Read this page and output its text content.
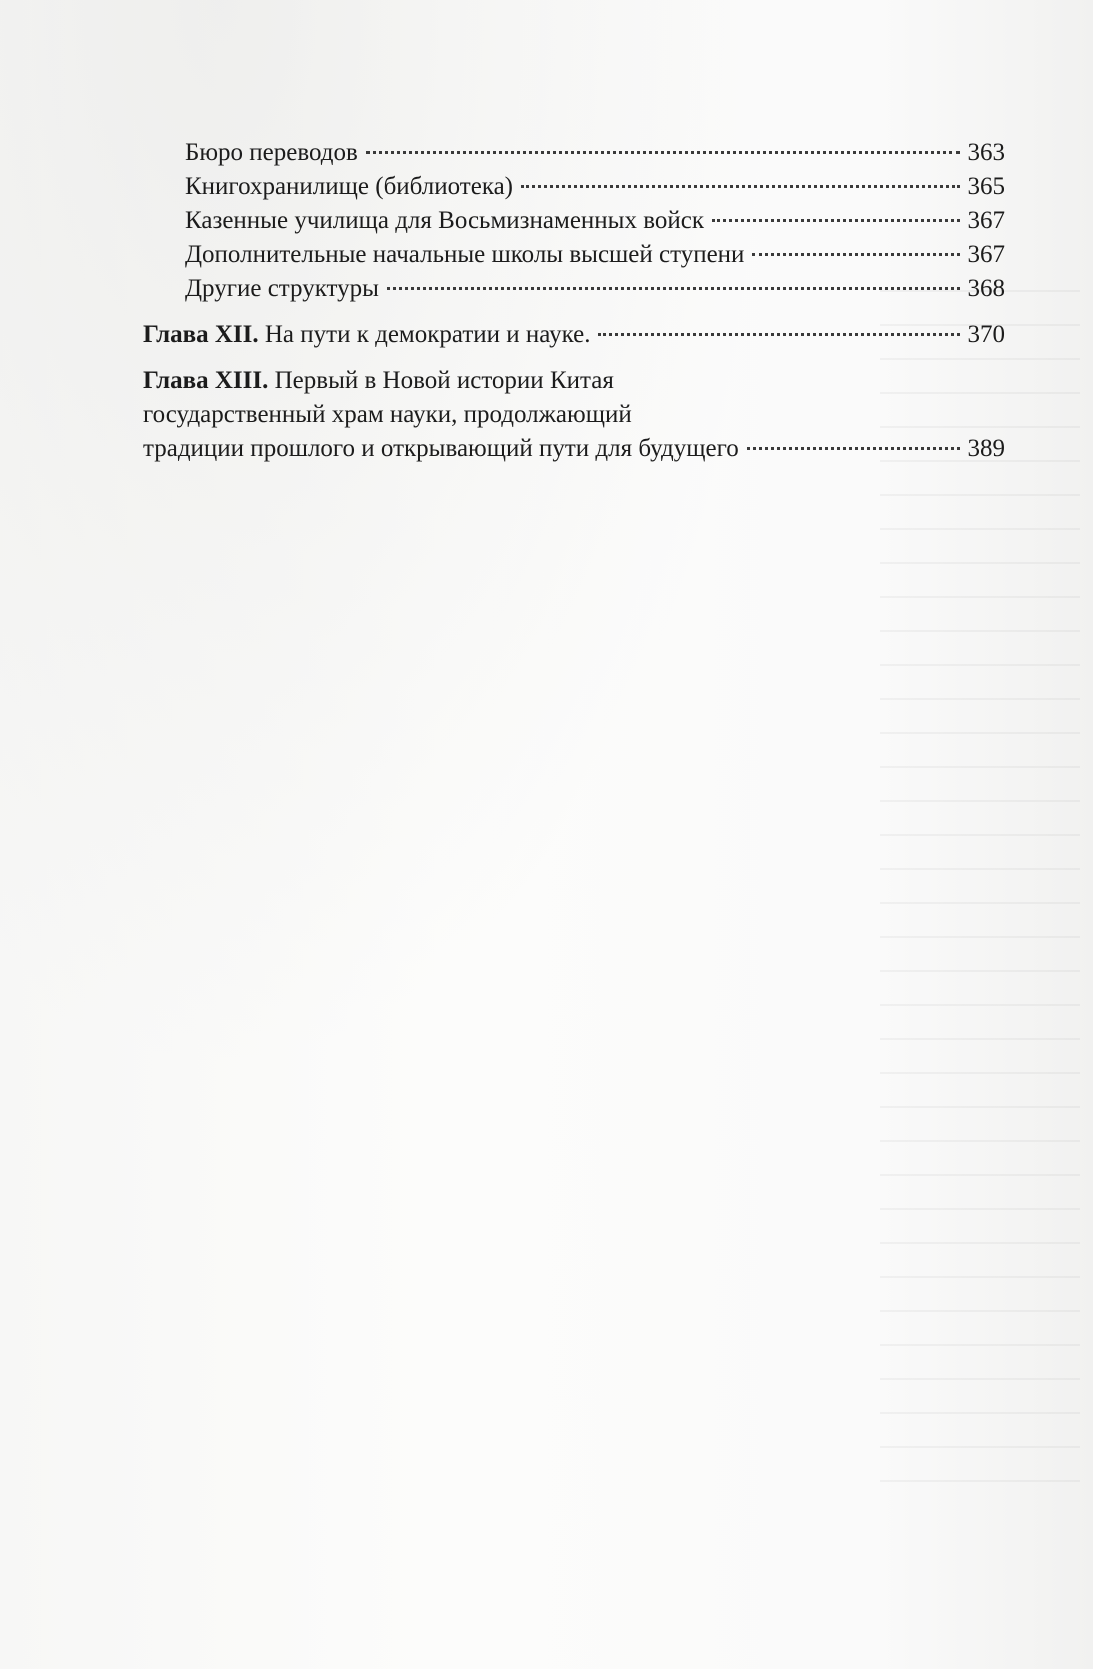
Бюро переводов	363
Книгохранилище (библиотека)	365
Казенные училища для Восьмизнаменных войск	367
Дополнительные начальные школы высшей ступени	367
Другие структуры	368
Глава XII. На пути к демократии и науке.	370
Глава XIII. Первый в Новой истории Китая
государственный храм науки, продолжающий
традиции прошлого и открывающий пути для будущего	389
